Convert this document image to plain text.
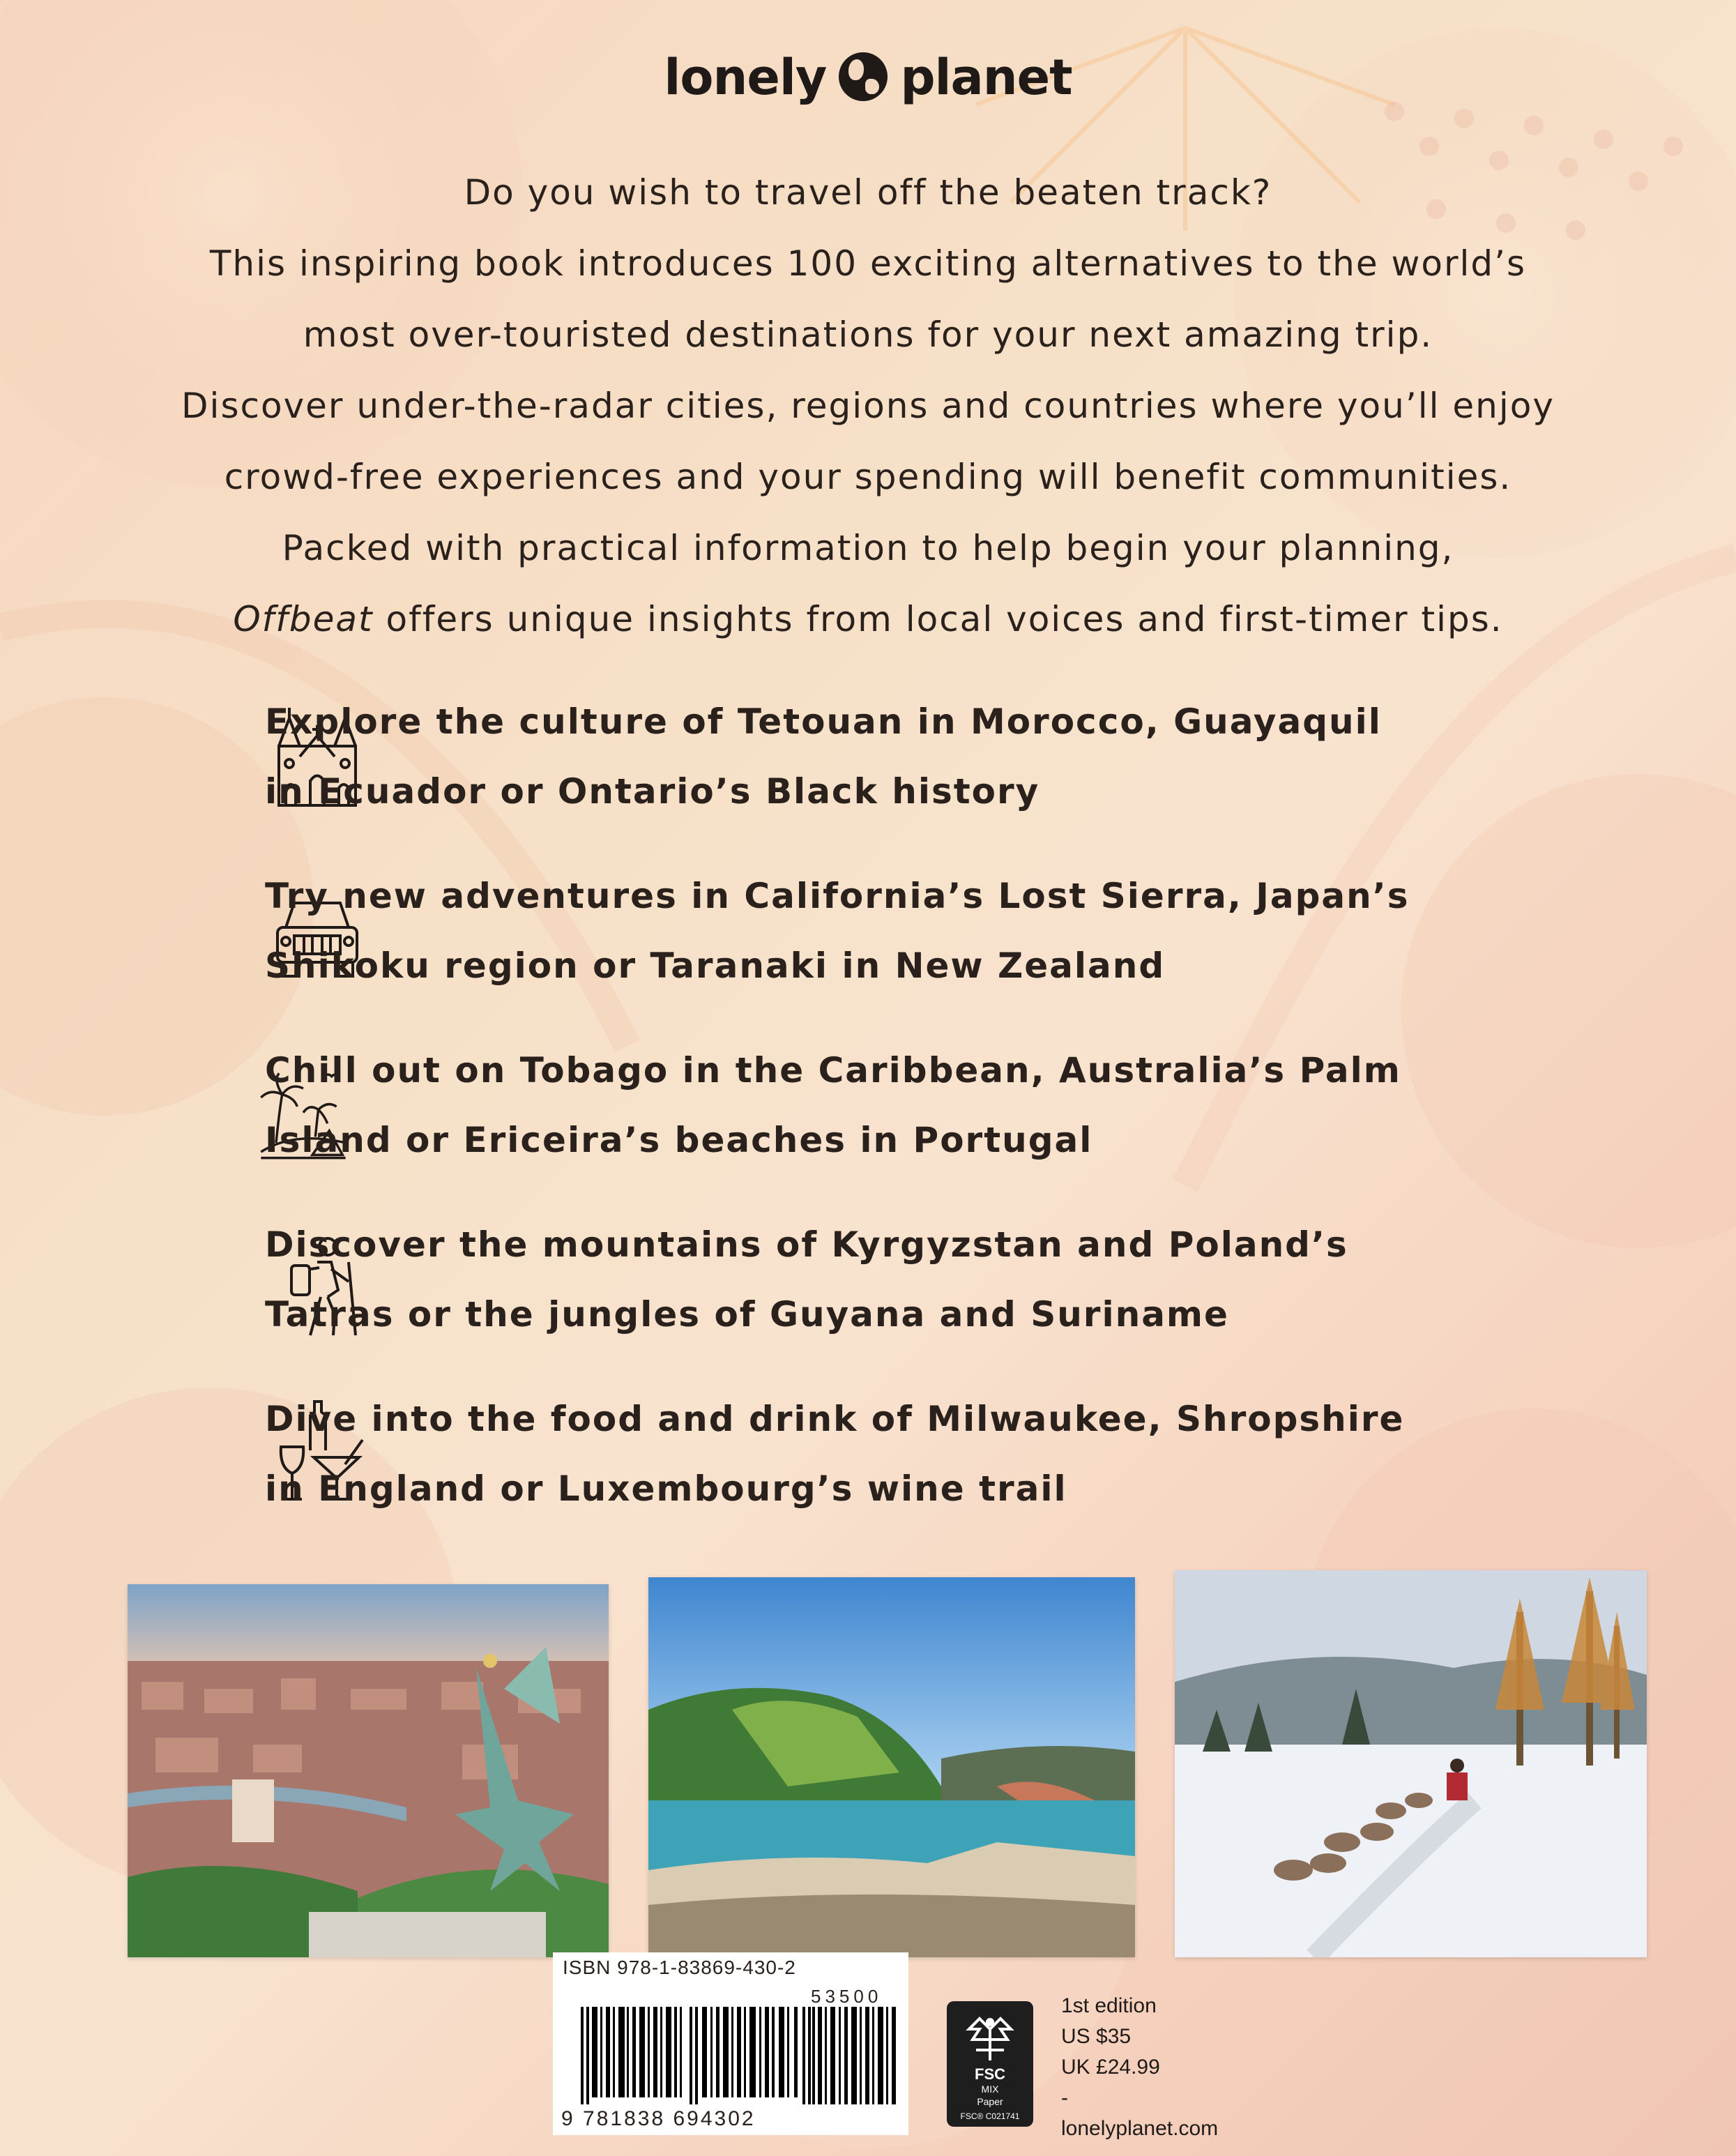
lonely planet

Do you wish to travel off the beaten track?

This inspiring book introduces 100 exciting alternatives to the world’s

most over-touristed destinations for your next amazing trip.

Discover under-the-radar cities, regions and countries where you’ll enjoy

crowd-free experiences and your spending will benefit communities.

Packed with practical information to help begin your planning,

Offbeat offers unique insights from local voices and first-timer tips.

Explore the culture of Tetouan in Morocco, Guayaquil
in Ecuador or Ontario’s Black history
Try new adventures in California’s Lost Sierra, Japan’s
Shikoku region or Taranaki in New Zealand
Chill out on Tobago in the Caribbean, Australia’s Palm
Island or Ericeira’s beaches in Portugal
Discover the mountains of Kyrgyzstan and Poland’s
Tatras or the jungles of Guyana and Suriname
Dive into the food and drink of Milwaukee, Shropshire
in England or Luxembourg’s wine trail
ISBN 978-1-83869-430-2
53500
9 781838 694302
FSC
MIX
Paper
FSC® C021741
1st edition
US $35
UK £24.99
-
lonelyplanet.com
